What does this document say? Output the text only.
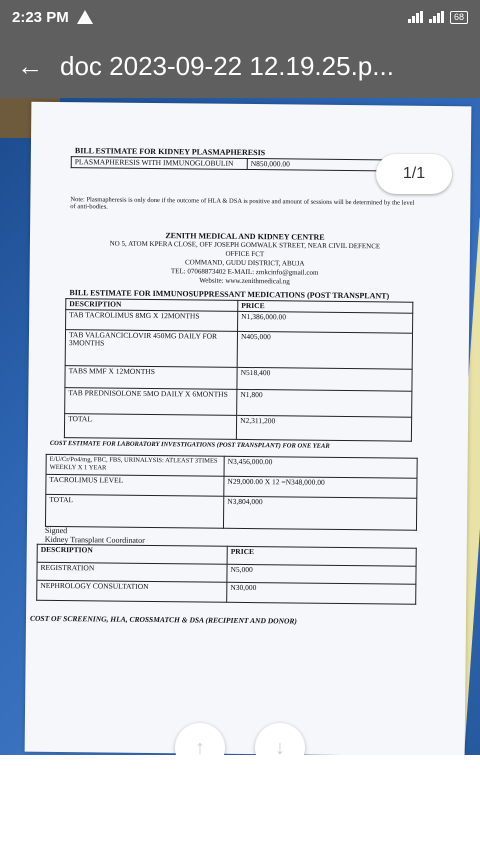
2:23 PM	68
← doc 2023-09-22 12.19.25.p...
BILL ESTIMATE FOR KIDNEY PLASMAPHERESIS
PLASMAPHERESIS WITH IMMUNOGLOBULIN	N850,000.00
Note: Plasmapheresis is only done if the outcome of HLA & DSA is positive and amount of sessions will be determined by the level of anti-bodies.
ZENITH MEDICAL AND KIDNEY CENTRE
NO 5, ATOM KPERA CLOSE, OFF JOSEPH GOMWALK STREET, NEAR CIVIL DEFENCE
OFFICE FCT
COMMAND, GUDU DISTRICT, ABUJA
TEL: 07068873402 E-MAIL: zmkcinfo@gmail.com
Website: www.zenithmedical.ng
BILL ESTIMATE FOR IMMUNOSUPPRESSANT MEDICATIONS (POST TRANSPLANT)
DESCRIPTION	PRICE
TAB TACROLIMUS 8MG X 12MONTHS	N1,386,000.00
TAB VALGANCICLOVIR 450MG DAILY FOR 3MONTHS	N405,000
TABS MMF X 12MONTHS	N518,400
TAB PREDNISOLONE 5MO DAILY X 6MONTHS	N1,800
TOTAL	N2,311,200
COST ESTIMATE FOR LABORATORY INVESTIGATIONS (POST TRANSPLANT) FOR ONE YEAR
E/U/Cr/Po4/mg, FBC, FBS, URINALYSIS: ATLEAST 3TIMES WEEKLY X 1 YEAR	N3,456,000.00
TACROLIMUS LEVEL	N29,000.00 X 12 =N348,000.00
TOTAL	N3,804,000
Signed
Kidney Transplant Coordinator
DESCRIPTION	PRICE
REGISTRATION	N5,000
NEPHROLOGY CONSULTATION	N30,000
COST OF SCREENING, HLA, CROSSMATCH & DSA (RECIPIENT AND DONOR)
1/1
↑	↓
